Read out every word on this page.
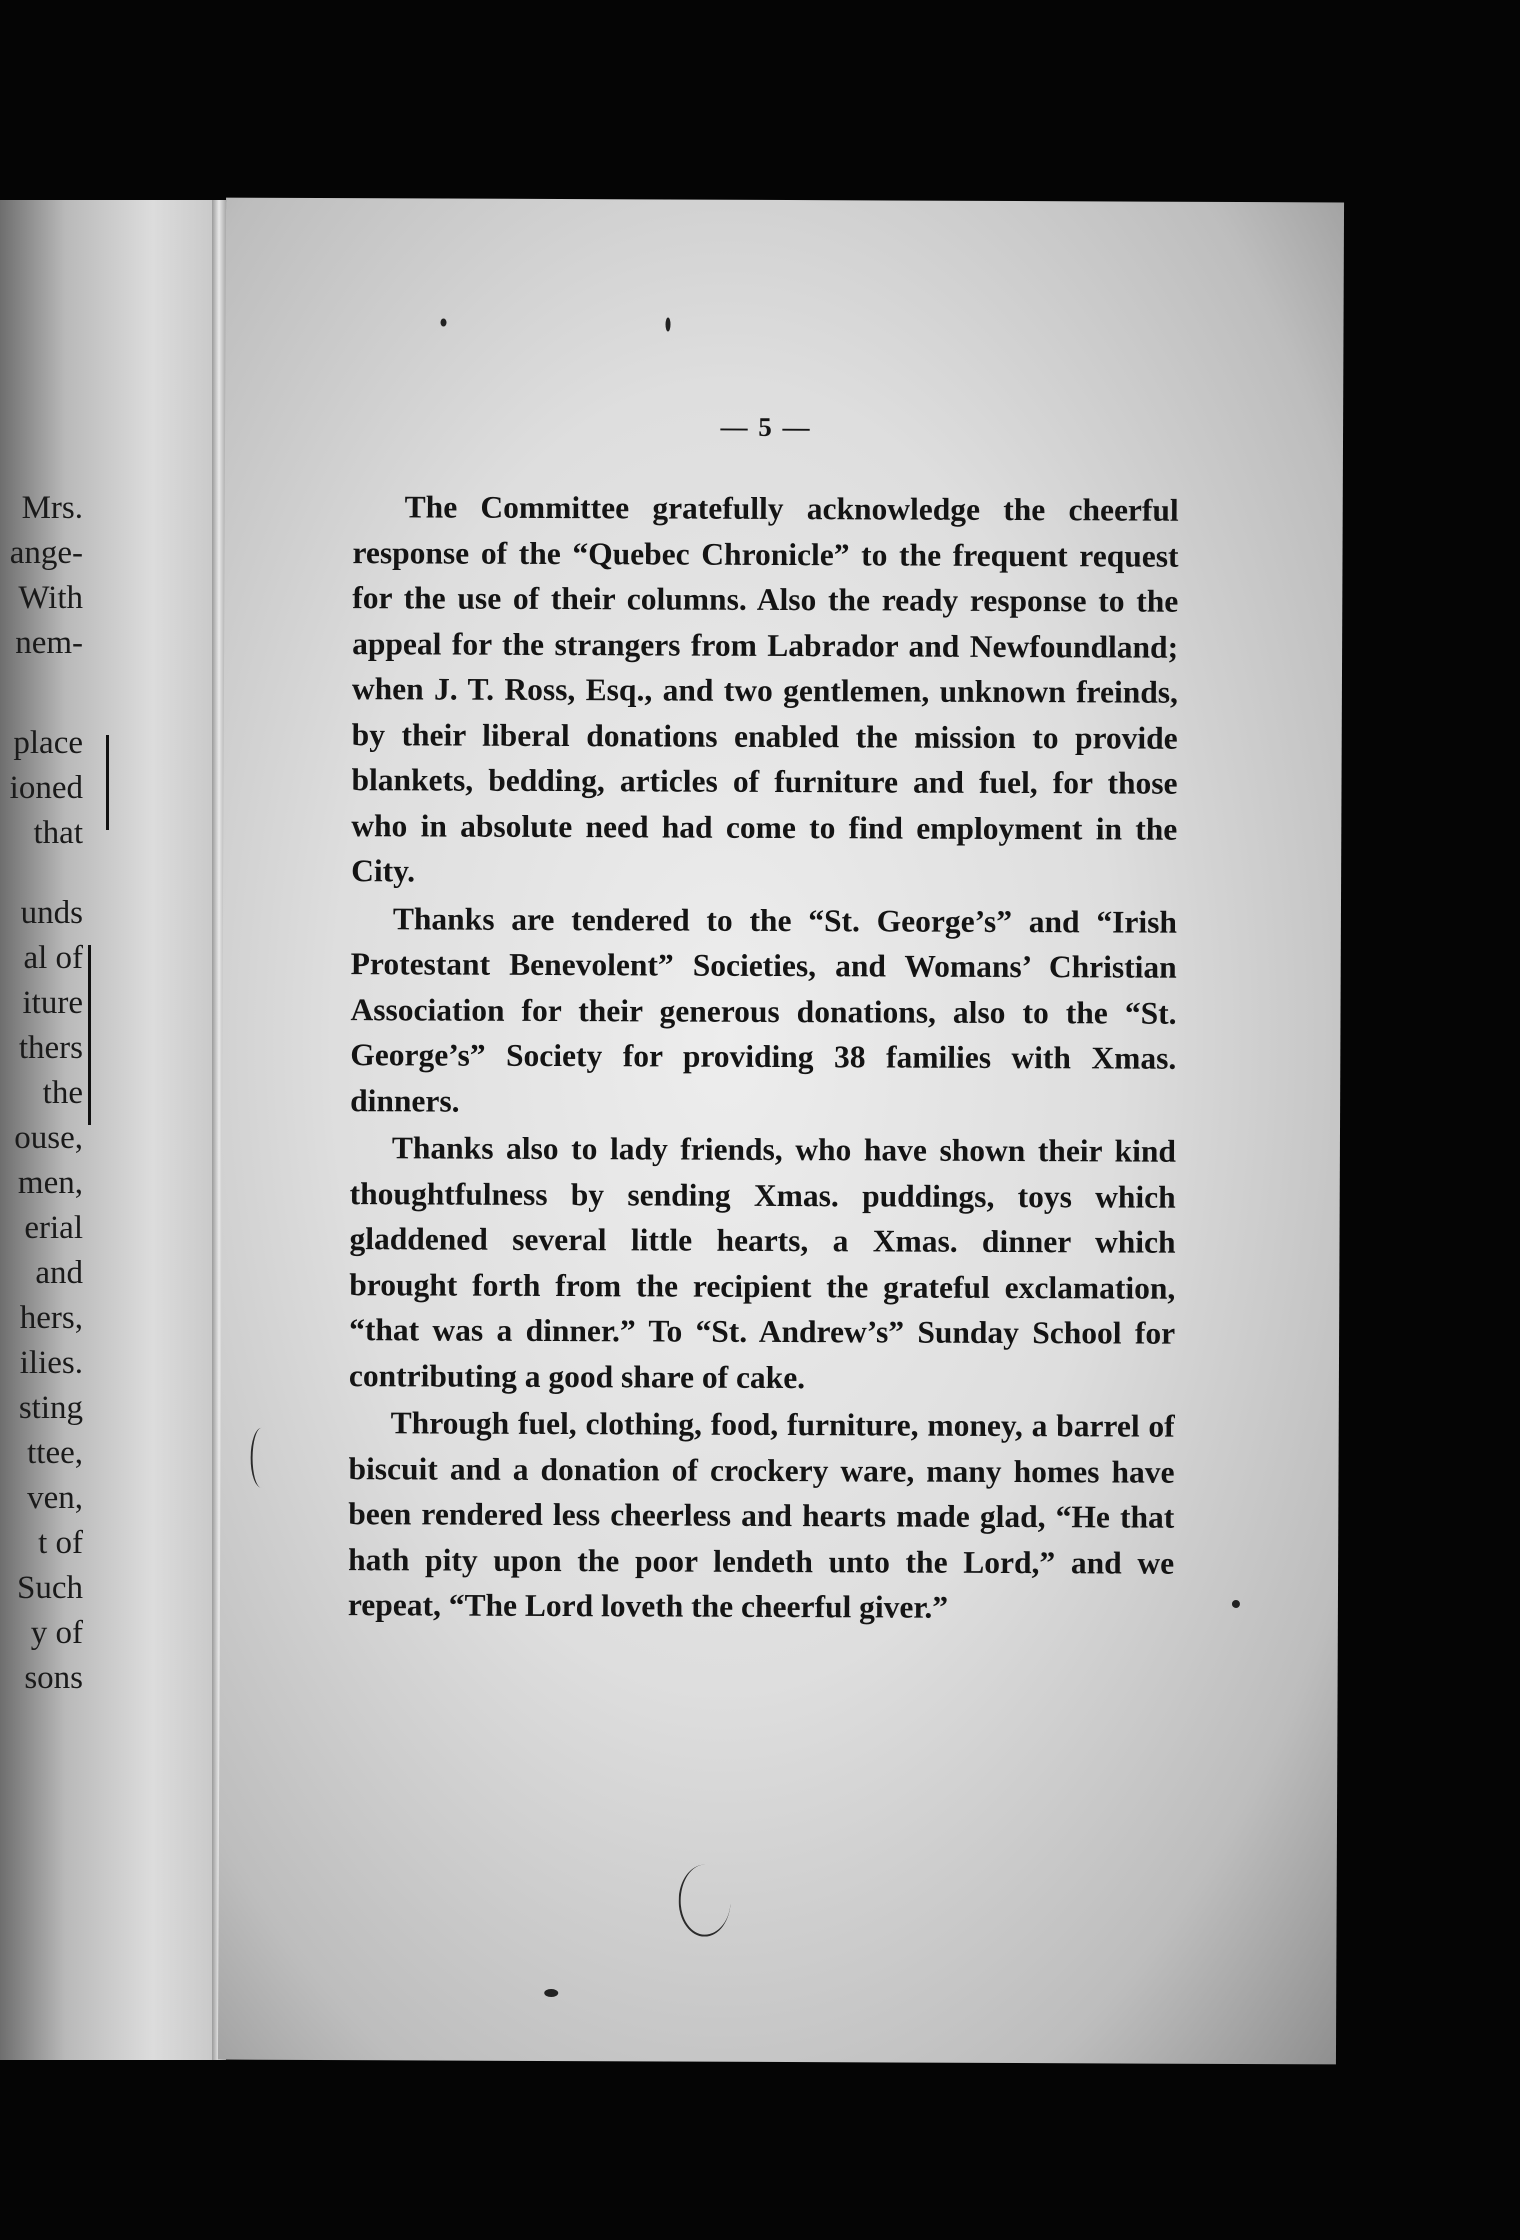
Mrs.
ange-
With
nem-
place
ioned
that
unds
al of
iture
thers
the
ouse,
men,
erial
and
hers,
ilies.
sting
ttee,
ven,
t of
Such
y of
sons
— 5 —

The Committee gratefully acknowledge the cheerful response of the “Quebec Chronicle” to the frequent request for the use of their columns. Also the ready response to the appeal for the strangers from Labrador and Newfoundland; when J. T. Ross, Esq., and two gentlemen, unknown freinds, by their liberal donations enabled the mission to provide blankets, bedding, articles of furniture and fuel, for those who in absolute need had come to find employment in the City.

Thanks are tendered to the “St. George’s” and “Irish Protestant Benevolent” Societies, and Womans’ Christian Association for their generous donations, also to the “St. George’s” Society for providing 38 families with Xmas. dinners.

Thanks also to lady friends, who have shown their kind thoughtfulness by sending Xmas. puddings, toys which gladdened several little hearts, a Xmas. dinner which brought forth from the recipient the grateful exclamation, “that was a dinner.” To “St. Andrew’s” Sunday School for contributing a good share of cake.

Through fuel, clothing, food, furniture, money, a barrel of biscuit and a donation of crockery ware, many homes have been rendered less cheerless and hearts made glad, “He that hath pity upon the poor lendeth unto the Lord,” and we repeat, “The Lord loveth the cheerful giver.”
